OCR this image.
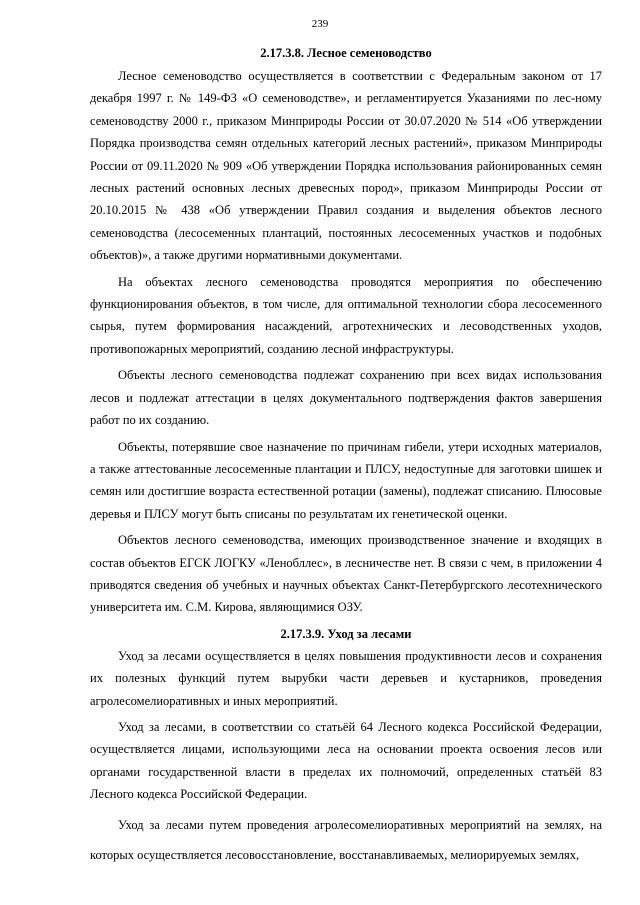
239

2.17.3.8. Лесное семеноводство

Лесное семеноводство осуществляется в соответствии с Федеральным законом от 17 декабря 1997 г. № 149-ФЗ «О семеноводстве», и регламентируется Указаниями по лес-ному семеноводству 2000 г., приказом Минприроды России от 30.07.2020 № 514 «Об утверждении Порядка производства семян отдельных категорий лесных растений», приказом Минприроды России от 09.11.2020 № 909 «Об утверждении Порядка использования районированных семян лесных растений основных лесных древесных пород», приказом Минприроды России от 20.10.2015 № 438 «Об утверждении Правил создания и выделения объектов лесного семеноводства (лесосеменных плантаций, постоянных лесосеменных участков и подобных объектов)», а также другими нормативными документами.

На объектах лесного семеноводства проводятся мероприятия по обеспечению функционирования объектов, в том числе, для оптимальной технологии сбора лесосеменного сырья, путем формирования насаждений, агротехнических и лесоводственных уходов, противопожарных мероприятий, созданию лесной инфраструктуры.

Объекты лесного семеноводства подлежат сохранению при всех видах использования лесов и подлежат аттестации в целях документального подтверждения фактов завершения работ по их созданию.

Объекты, потерявшие свое назначение по причинам гибели, утери исходных материалов, а также аттестованные лесосеменные плантации и ПЛСУ, недоступные для заготовки шишек и семян или достигшие возраста естественной ротации (замены), подлежат списанию. Плюсовые деревья и ПЛСУ могут быть списаны по результатам их генетической оценки.

Объектов лесного семеноводства, имеющих производственное значение и входящих в состав объектов ЕГСК ЛОГКУ «Ленобллес», в лесничестве нет. В связи с чем, в приложении 4 приводятся сведения об учебных и научных объектах Санкт-Петербургского лесотехнического университета им. С.М. Кирова, являющимися ОЗУ.

2.17.3.9. Уход за лесами

Уход за лесами осуществляется в целях повышения продуктивности лесов и сохранения их полезных функций путем вырубки части деревьев и кустарников, проведения агролесомелиоративных и иных мероприятий.

Уход за лесами, в соответствии со статьёй 64 Лесного кодекса Российской Федерации, осуществляется лицами, использующими леса на основании проекта освоения лесов или органами государственной власти в пределах их полномочий, определенных статьёй 83 Лесного кодекса Российской Федерации.

Уход за лесами путем проведения агролесомелиоративных мероприятий на землях, на которых осуществляется лесовосстановление, восстанавливаемых, мелиорируемых землях,
